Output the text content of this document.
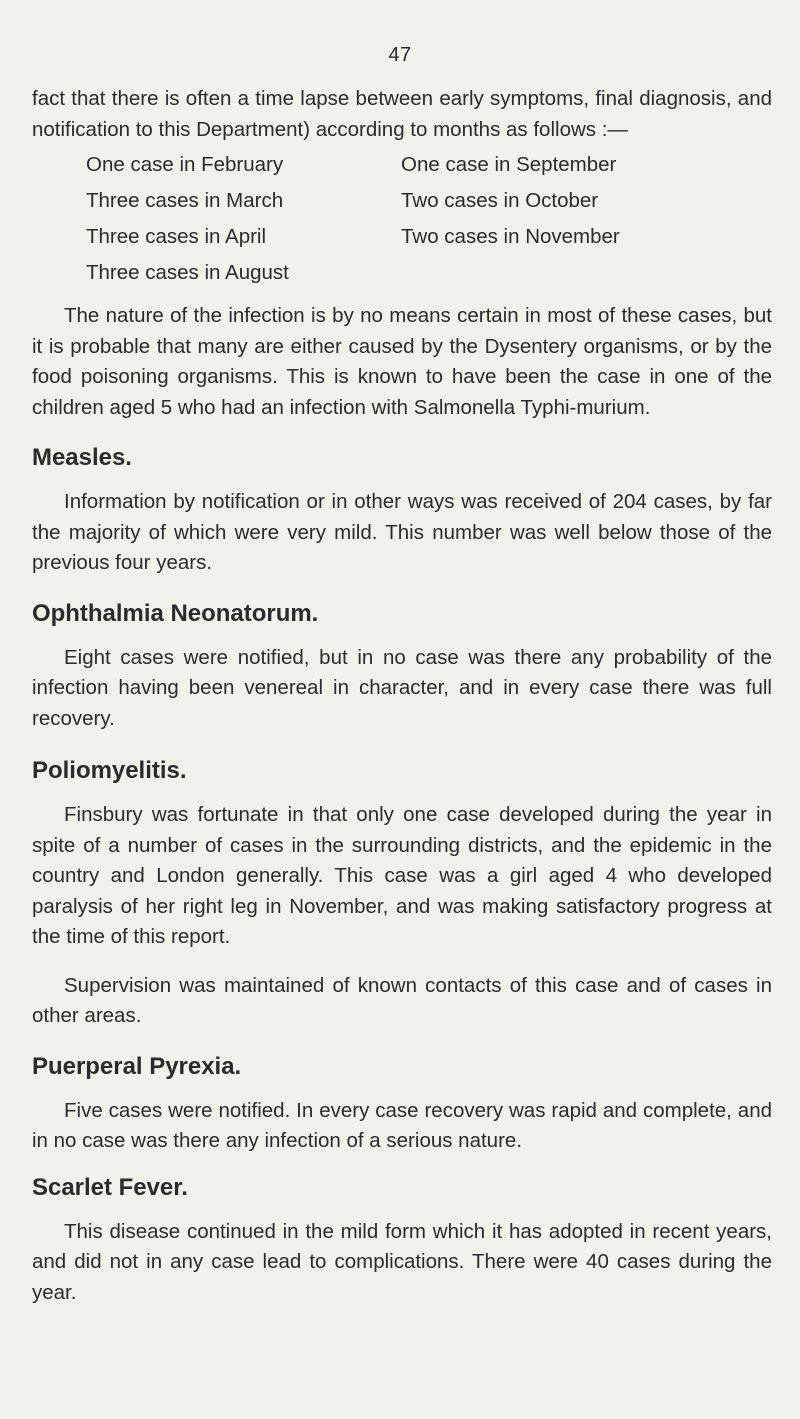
47

fact that there is often a time lapse between early symptoms, final diagnosis, and notification to this Department) according to months as follows :—

One case in February	One case in September
Three cases in March	Two cases in October
Three cases in April	Two cases in November
Three cases in August

The nature of the infection is by no means certain in most of these cases, but it is probable that many are either caused by the Dysentery organisms, or by the food poisoning organisms. This is known to have been the case in one of the children aged 5 who had an infection with Salmonella Typhi-murium.

Measles.

Information by notification or in other ways was received of 204 cases, by far the majority of which were very mild. This number was well below those of the previous four years.

Ophthalmia Neonatorum.

Eight cases were notified, but in no case was there any probability of the infection having been venereal in character, and in every case there was full recovery.

Poliomyelitis.

Finsbury was fortunate in that only one case developed during the year in spite of a number of cases in the surrounding districts, and the epidemic in the country and London generally. This case was a girl aged 4 who developed paralysis of her right leg in November, and was making satisfactory progress at the time of this report.

Supervision was maintained of known contacts of this case and of cases in other areas.

Puerperal Pyrexia.

Five cases were notified. In every case recovery was rapid and complete, and in no case was there any infection of a serious nature.

Scarlet Fever.

This disease continued in the mild form which it has adopted in recent years, and did not in any case lead to complications. There were 40 cases during the year.
